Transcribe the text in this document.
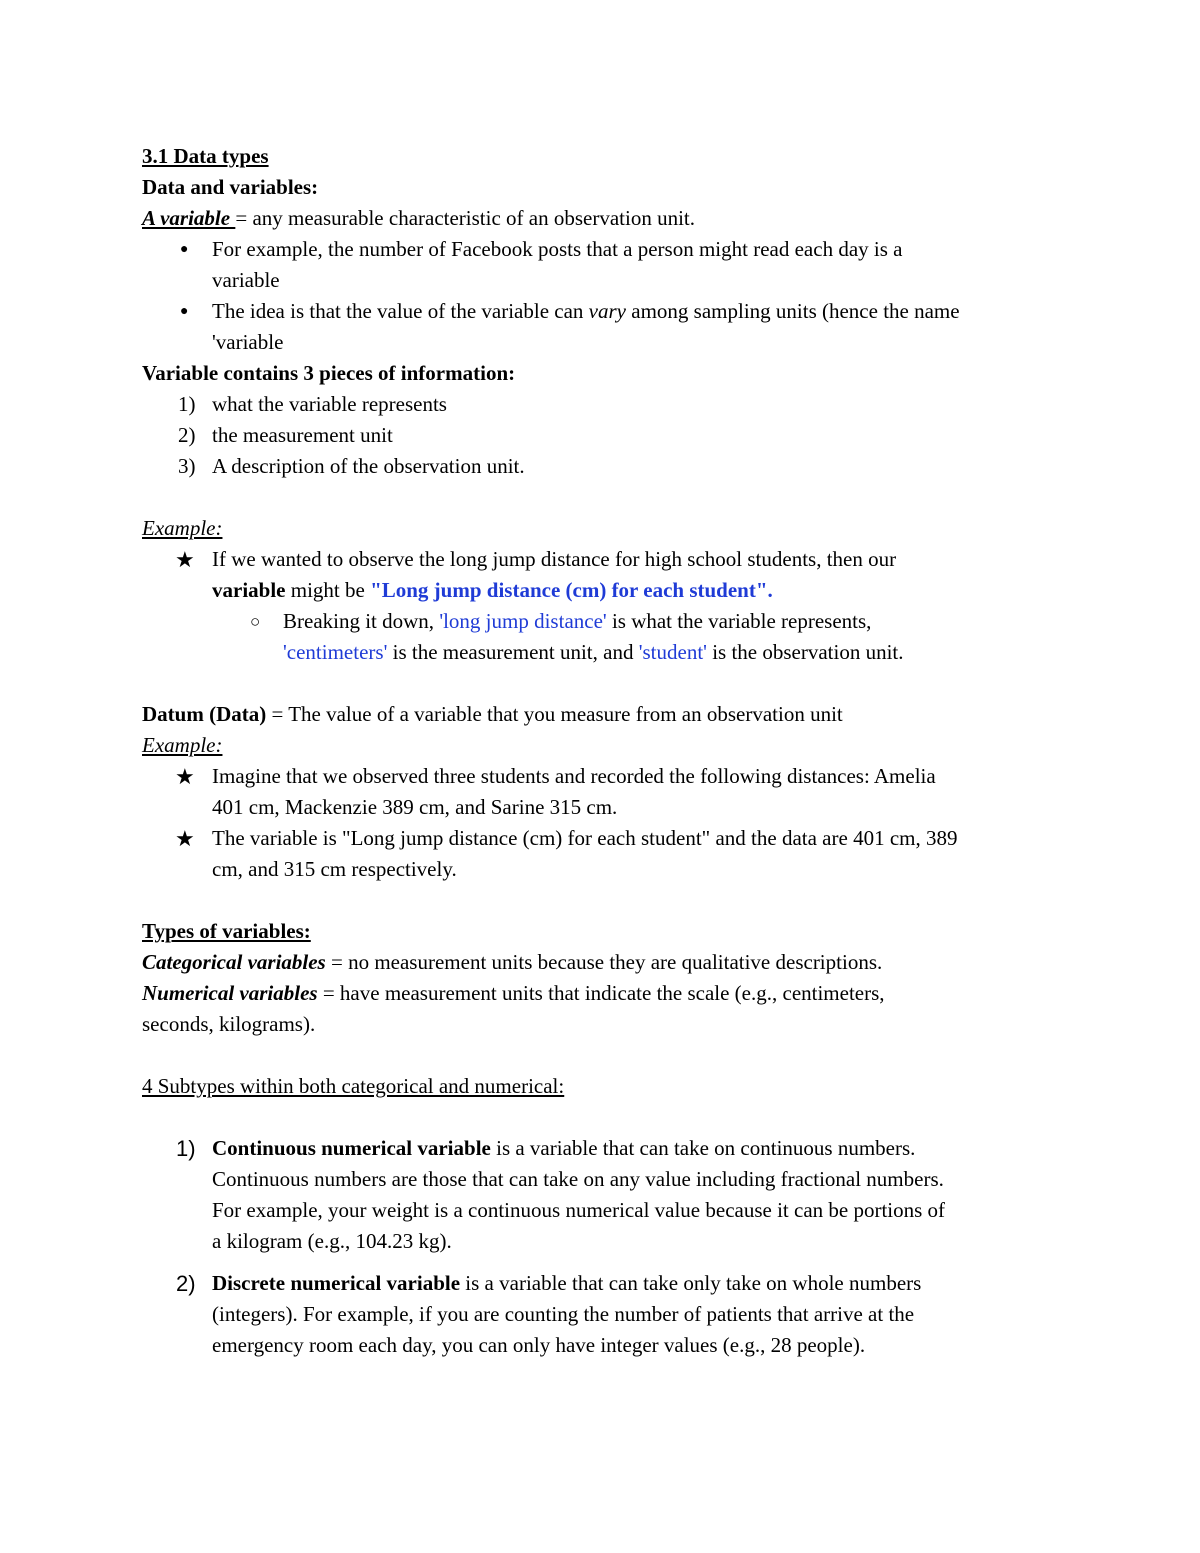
3.1 Data types

Data and variables:

A variable = any measurable characteristic of an observation unit.

● For example, the number of Facebook posts that a person might read each day is a

variable

● The idea is that the value of the variable can vary among sampling units (hence the name

'variable

Variable contains 3 pieces of information:

1) what the variable represents

2) the measurement unit

3) A description of the observation unit.

Example:

★ If we wanted to observe the long jump distance for high school students, then our

variable might be "Long jump distance (cm) for each student".

○ Breaking it down, 'long jump distance' is what the variable represents,

'centimeters' is the measurement unit, and 'student' is the observation unit.

Datum (Data) = The value of a variable that you measure from an observation unit

Example:

★ Imagine that we observed three students and recorded the following distances: Amelia

401 cm, Mackenzie 389 cm, and Sarine 315 cm.

★ The variable is "Long jump distance (cm) for each student" and the data are 401 cm, 389

cm, and 315 cm respectively.

Types of variables:

Categorical variables = no measurement units because they are qualitative descriptions.

Numerical variables = have measurement units that indicate the scale (e.g., centimeters,

seconds, kilograms).

4 Subtypes within both categorical and numerical:

1) Continuous numerical variable is a variable that can take on continuous numbers.

Continuous numbers are those that can take on any value including fractional numbers.

For example, your weight is a continuous numerical value because it can be portions of

a kilogram (e.g., 104.23 kg).

2) Discrete numerical variable is a variable that can take only take on whole numbers

(integers). For example, if you are counting the number of patients that arrive at the

emergency room each day, you can only have integer values (e.g., 28 people).
